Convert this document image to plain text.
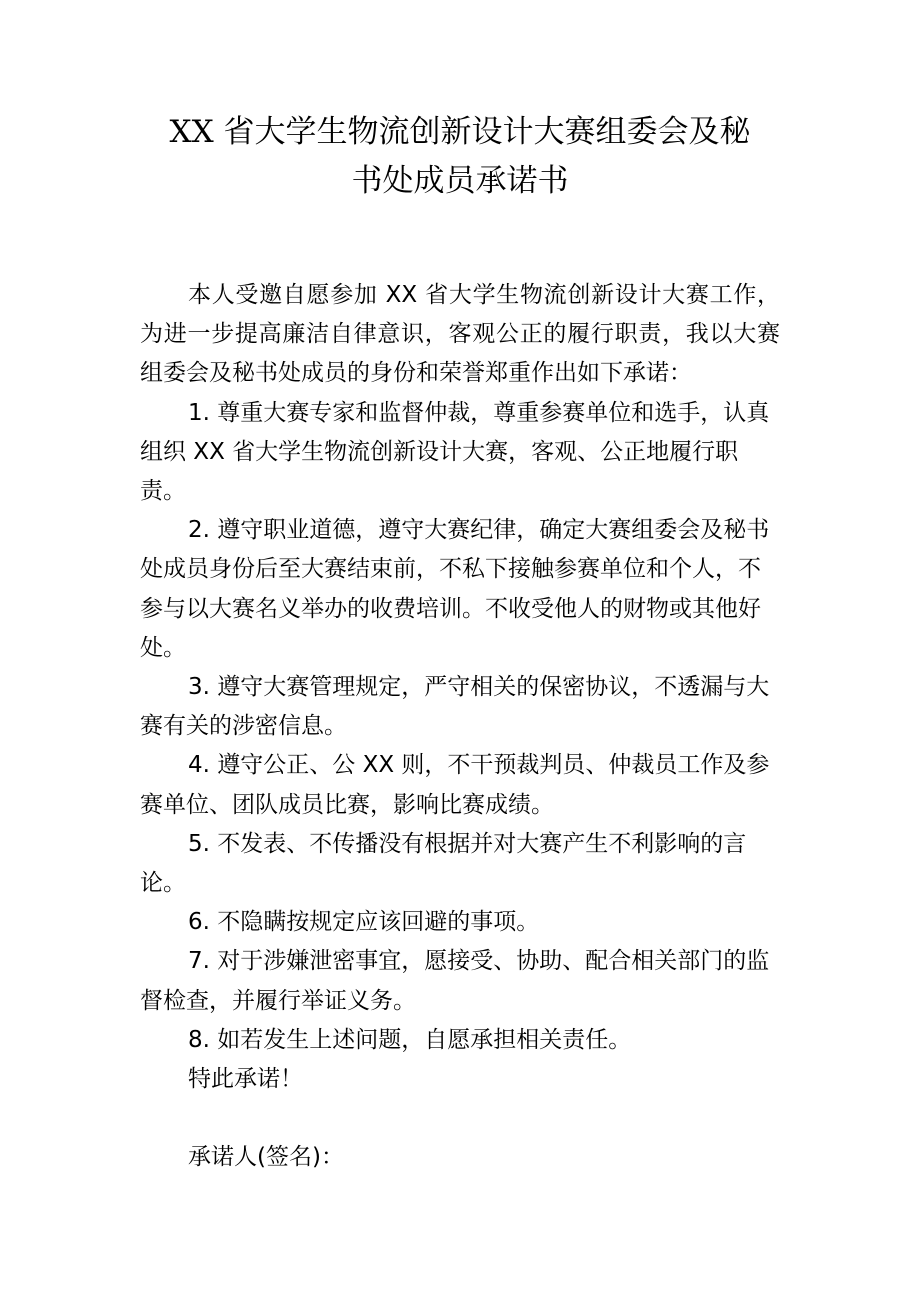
XX 省大学生物流创新设计大赛组委会及秘
书处成员承诺书

本人受邀自愿参加 XX 省大学生物流创新设计大赛工作，为进一步提高廉洁自律意识，客观公正的履行职责，我以大赛组委会及秘书处成员的身份和荣誉郑重作出如下承诺：

1. 尊重大赛专家和监督仲裁，尊重参赛单位和选手，认真组织 XX 省大学生物流创新设计大赛，客观、公正地履行职责。

2. 遵守职业道德，遵守大赛纪律，确定大赛组委会及秘书处成员身份后至大赛结束前，不私下接触参赛单位和个人，不参与以大赛名义举办的收费培训。不收受他人的财物或其他好处。

3. 遵守大赛管理规定，严守相关的保密协议，不透漏与大赛有关的涉密信息。

4. 遵守公正、公 XX 则，不干预裁判员、仲裁员工作及参赛单位、团队成员比赛，影响比赛成绩。

5. 不发表、不传播没有根据并对大赛产生不利影响的言论。

6. 不隐瞒按规定应该回避的事项。

7. 对于涉嫌泄密事宜，愿接受、协助、配合相关部门的监督检查，并履行举证义务。

8. 如若发生上述问题，自愿承担相关责任。

特此承诺！

承诺人(签名)：
